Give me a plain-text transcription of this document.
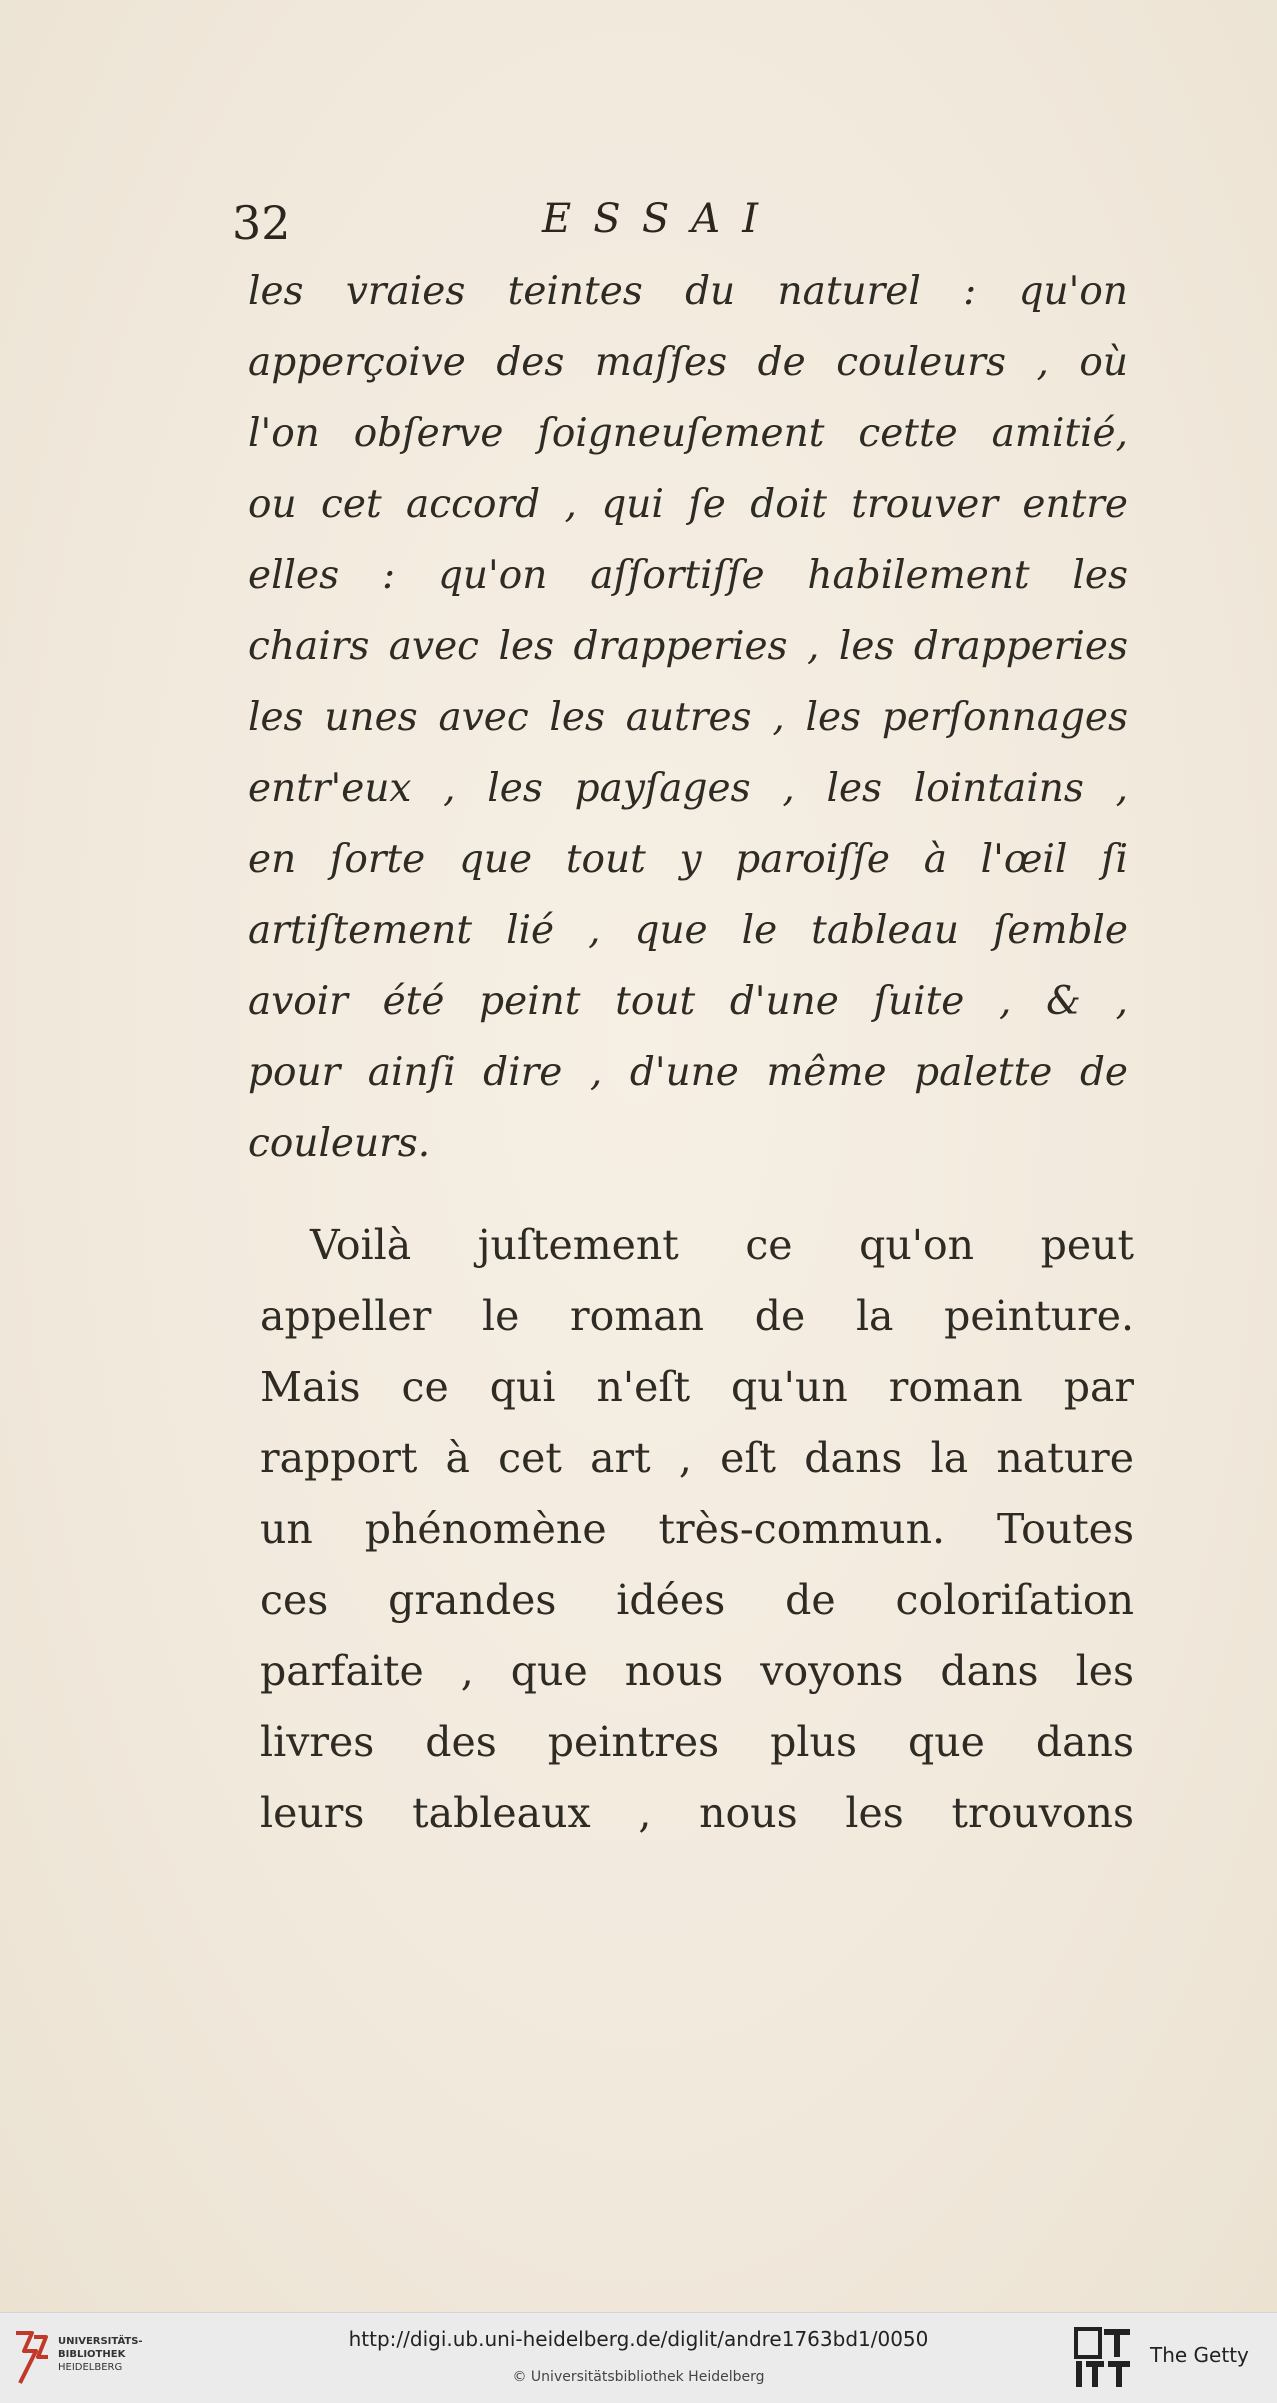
32	ESSAI
les vraies teintes du naturel : qu'on
apperçoive des maſſes de couleurs , où
l'on obſerve ſoigneuſement cette amitié,
ou cet accord , qui ſe doit trouver entre
elles : qu'on aſſortiſſe habilement les
chairs avec les drapperies , les drapperies
les unes avec les autres , les perſonnages
entr'eux , les payſages , les lointains ,
en ſorte que tout y paroiſſe à l'œil ſi
artiſtement lié , que le tableau ſemble
avoir été peint tout d'une ſuite , & ,
pour ainſi dire , d'une même palette de
couleurs.
Voilà juſtement ce qu'on peut
appeller le roman de la peinture.
Mais ce qui n'eſt qu'un roman par
rapport à cet art , eſt dans la nature
un phénomène très-commun. Toutes
ces grandes idées de coloriſation
parfaite , que nous voyons dans les
livres des peintres plus que dans
leurs tableaux , nous les trouvons
UNIVERSITÄTS-
BIBLIOTHEK
HEIDELBERG
http://digi.ub.uni-heidelberg.de/diglit/andre1763bd1/0050
© Universitätsbibliothek Heidelberg
The Getty
